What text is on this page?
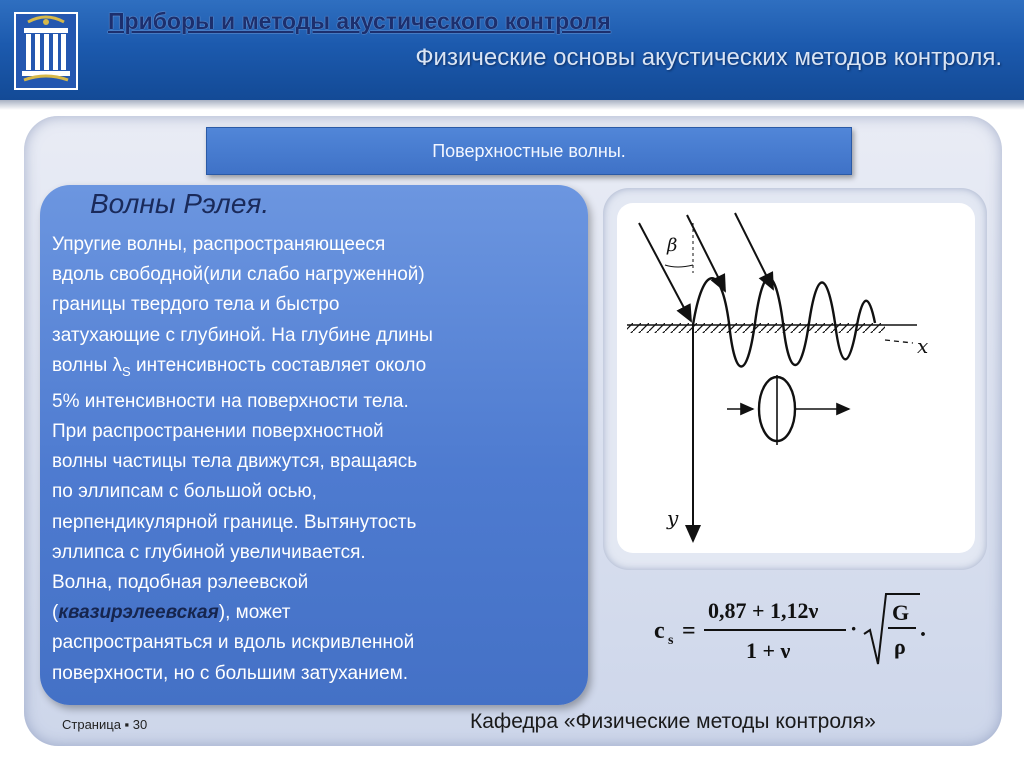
Приборы и методы акустического контроля
Физические основы акустических методов контроля.
Поверхностные волны.
Волны Рэлея.
Упругие волны, распространяющееся
вдоль свободной(или слабо нагруженной)
границы твердого тела и быстро
затухающие с глубиной. На глубине длины
волны $\lambda_S$ интенсивность составляет около
5% интенсивности на поверхности тела.
При распространении поверхностной
волны частицы тела движутся, вращаясь
по эллипсам с большой осью,
перпендикулярной границе. Вытянутость
эллипса с глубиной увеличивается.
Волна, подобная рэлеевской
(квазирэлеевская), может
распространяться и вдоль искривленной
поверхности, но с большим затуханием.
β
x
y
c s =
0,87 + 1,12ν
1 + ν
·
G
ρ
.
Страница ▪ 30	Кафедра «Физические методы контроля»
